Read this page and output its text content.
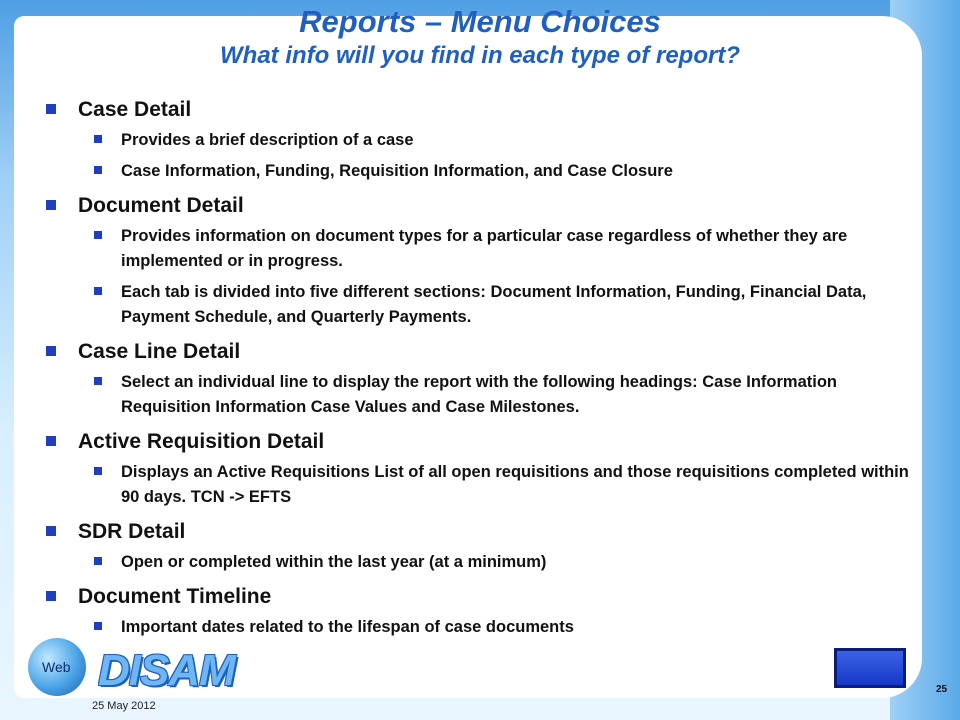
Reports – Menu Choices
What info will you find in each type of report?
Case Detail
Provides a brief description of a case
Case Information, Funding, Requisition Information, and Case Closure
Document Detail
Provides information on document types for a particular case regardless of whether they are implemented or in progress.
Each tab is divided into five different sections: Document Information, Funding, Financial Data, Payment Schedule, and Quarterly Payments.
Case Line Detail
Select an individual line to display the report with the following headings: Case Information Requisition Information Case Values and Case Milestones.
Active Requisition Detail
Displays an Active Requisitions List of all open requisitions and those requisitions completed within 90 days. TCN -> EFTS
SDR Detail
Open or completed within the last year (at a minimum)
Document Timeline
Important dates related to the lifespan of case documents
Web DISAM	25
25 May 2012
